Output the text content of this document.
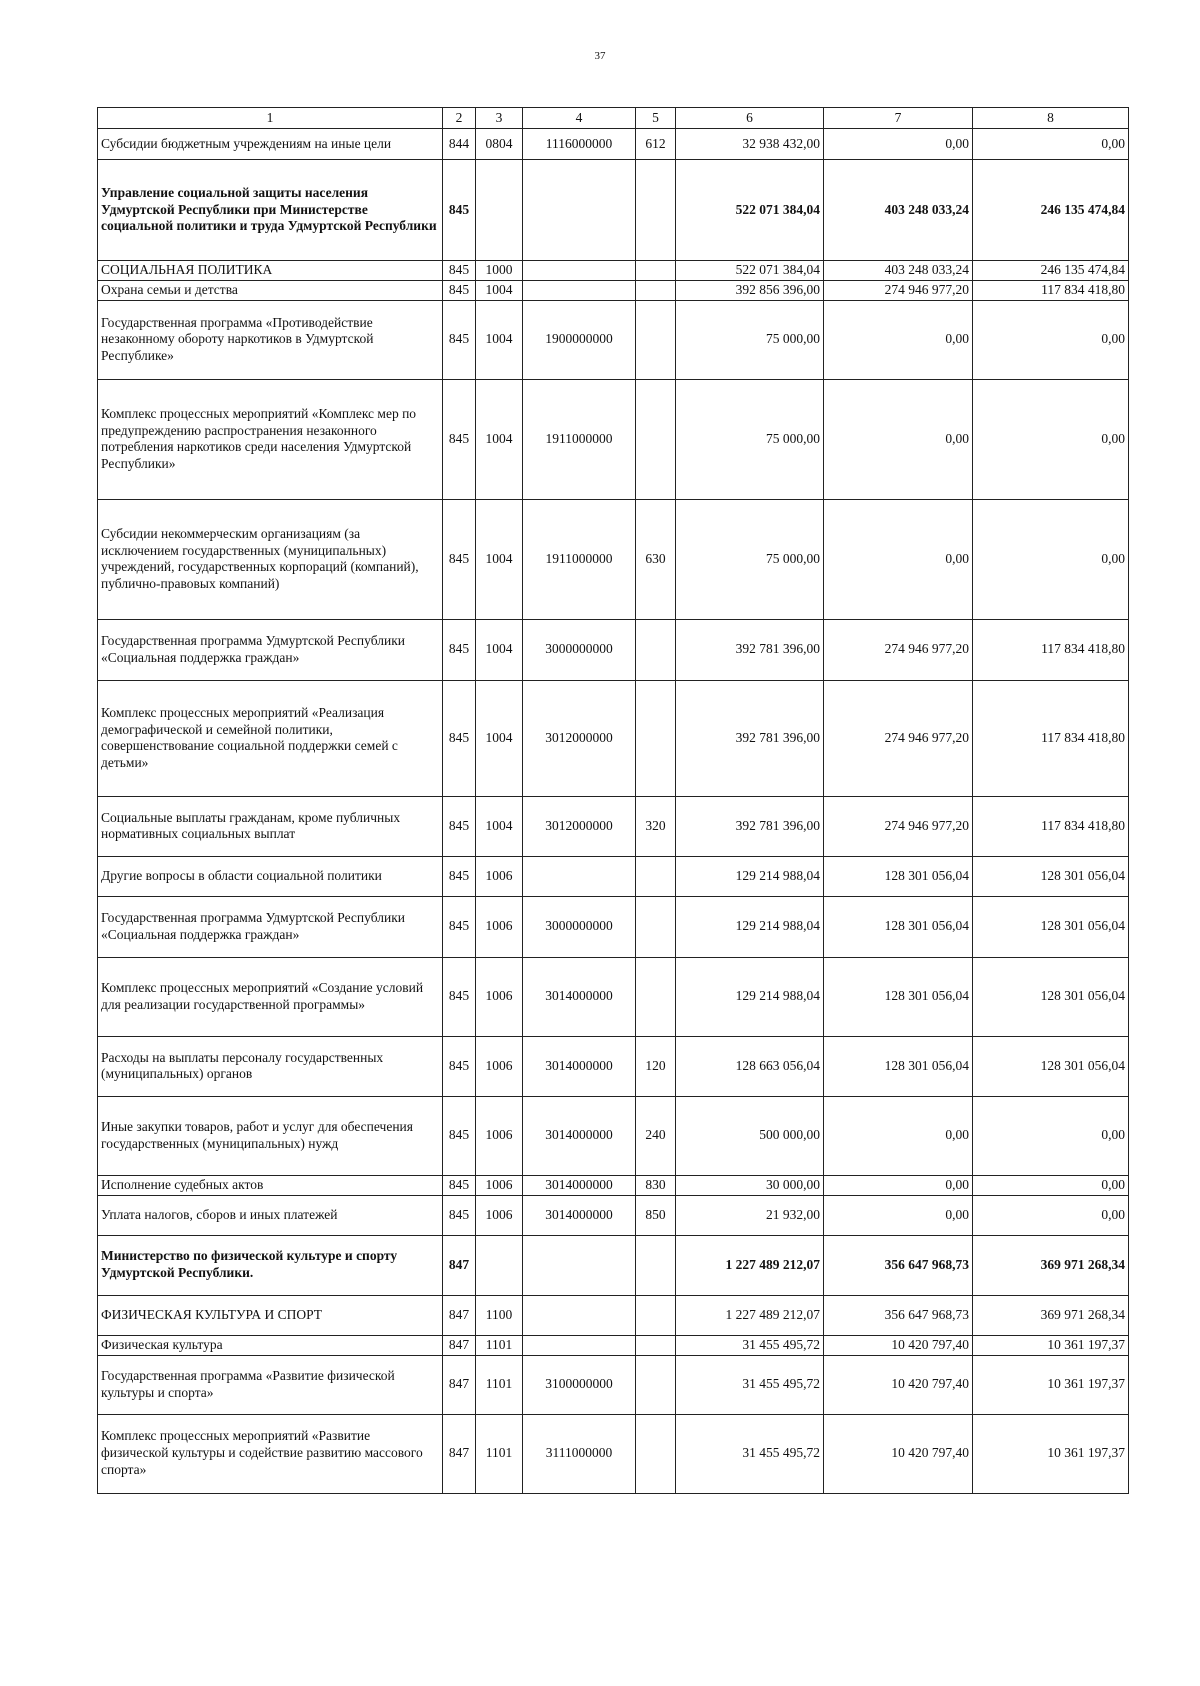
37
1	2	3	4	5	6	7	8
Субсидии бюджетным учреждениям на иные цели	844	0804	1116000000	612	32 938 432,00	0,00	0,00
Управление социальной защиты населения Удмуртской Республики при Министерстве социальной политики и труда Удмуртской Республики	845				522 071 384,04	403 248 033,24	246 135 474,84
СОЦИАЛЬНАЯ ПОЛИТИКА	845	1000			522 071 384,04	403 248 033,24	246 135 474,84
Охрана семьи и детства	845	1004			392 856 396,00	274 946 977,20	117 834 418,80
Государственная программа «Противодействие незаконному обороту наркотиков в Удмуртской Республике»	845	1004	1900000000		75 000,00	0,00	0,00
Комплекс процессных мероприятий «Комплекс мер по предупреждению распространения незаконного потребления наркотиков среди населения Удмуртской Республики»	845	1004	1911000000		75 000,00	0,00	0,00
Субсидии некоммерческим организациям (за исключением государственных (муниципальных) учреждений, государственных корпораций (компаний), публично-правовых компаний)	845	1004	1911000000	630	75 000,00	0,00	0,00
Государственная программа Удмуртской Республики «Социальная поддержка граждан»	845	1004	3000000000		392 781 396,00	274 946 977,20	117 834 418,80
Комплекс процессных мероприятий «Реализация демографической и семейной политики, совершенствование социальной поддержки семей с детьми»	845	1004	3012000000		392 781 396,00	274 946 977,20	117 834 418,80
Социальные выплаты гражданам, кроме публичных нормативных социальных выплат	845	1004	3012000000	320	392 781 396,00	274 946 977,20	117 834 418,80
Другие вопросы в области социальной политики	845	1006			129 214 988,04	128 301 056,04	128 301 056,04
Государственная программа Удмуртской Республики «Социальная поддержка граждан»	845	1006	3000000000		129 214 988,04	128 301 056,04	128 301 056,04
Комплекс процессных мероприятий «Создание условий для реализации государственной программы»	845	1006	3014000000		129 214 988,04	128 301 056,04	128 301 056,04
Расходы на выплаты персоналу государственных (муниципальных) органов	845	1006	3014000000	120	128 663 056,04	128 301 056,04	128 301 056,04
Иные закупки товаров, работ и услуг для обеспечения государственных (муниципальных) нужд	845	1006	3014000000	240	500 000,00	0,00	0,00
Исполнение судебных актов	845	1006	3014000000	830	30 000,00	0,00	0,00
Уплата налогов, сборов и иных платежей	845	1006	3014000000	850	21 932,00	0,00	0,00
Министерство по физической культуре и спорту Удмуртской Республики.	847				1 227 489 212,07	356 647 968,73	369 971 268,34
ФИЗИЧЕСКАЯ КУЛЬТУРА И СПОРТ	847	1100			1 227 489 212,07	356 647 968,73	369 971 268,34
Физическая культура	847	1101			31 455 495,72	10 420 797,40	10 361 197,37
Государственная программа «Развитие физической культуры и спорта»	847	1101	3100000000		31 455 495,72	10 420 797,40	10 361 197,37
Комплекс процессных мероприятий «Развитие физической культуры и содействие развитию массового спорта»	847	1101	3111000000		31 455 495,72	10 420 797,40	10 361 197,37
